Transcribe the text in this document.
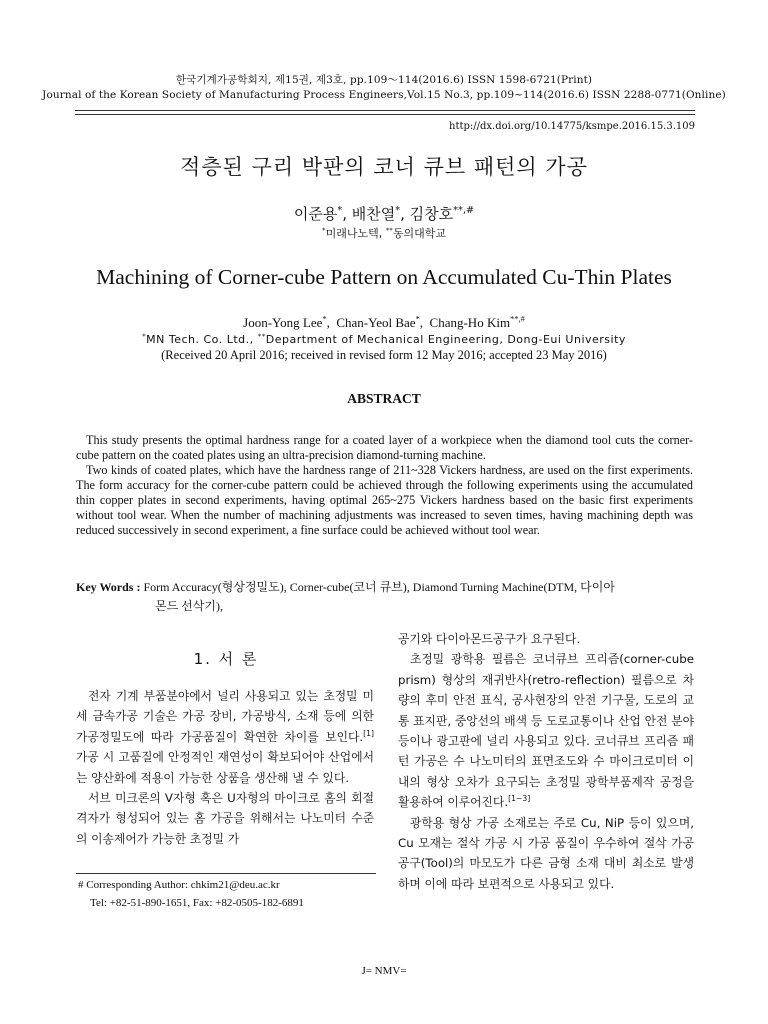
한국기계가공학회지, 제15권, 제3호, pp.109～114(2016.6) ISSN 1598-6721(Print)
Journal of the Korean Society of Manufacturing Process Engineers,Vol.15 No.3, pp.109~114(2016.6) ISSN 2288-0771(Online)
http://dx.doi.org/10.14775/ksmpe.2016.15.3.109
적층된 구리 박판의 코너 큐브 패턴의 가공
이준용*, 배찬열*, 김창호**,#
*미래나노텍, **동의대학교
Machining of Corner-cube Pattern on Accumulated Cu-Thin Plates
Joon-Yong Lee*,  Chan-Yeol Bae*,  Chang-Ho Kim**,#
*MN Tech. Co. Ltd., **Department of Mechanical Engineering, Dong-Eui University
(Received 20 April 2016; received in revised form 12 May 2016; accepted 23 May 2016)
ABSTRACT

This study presents the optimal hardness range for a coated layer of a workpiece when the diamond tool cuts the corner-cube pattern on the coated plates using an ultra-precision diamond-turning machine.

Two kinds of coated plates, which have the hardness range of 211~328 Vickers hardness, are used on the first experiments. The form accuracy for the corner-cube pattern could be achieved through the following experiments using the accumulated thin copper plates in second experiments, having optimal 265~275 Vickers hardness based on the basic first experiments without tool wear. When the number of machining adjustments was increased to seven times, having machining depth was reduced successively in second experiment, a fine surface could be achieved without tool wear.

Key Words : Form Accuracy(형상정밀도), Corner-cube(코너 큐브), Diamond Turning Machine(DTM, 다이아
몬드 선삭기),
1. 서 론

전자 기계 부품분야에서 널리 사용되고 있는 초정밀 미세 금속가공 기술은 가공 장비, 가공방식, 소재 등에 의한 가공정밀도에 따라 가공품질이 확연한 차이를 보인다.[1] 가공 시 고품질에 안정적인 재연성이 확보되어야 산업에서는 양산화에 적용이 가능한 상품을 생산해 낼 수 있다.

서브 미크론의 V자형 혹은 U자형의 마이크로 홈의 회절격자가 형성되어 있는 홈 가공을 위해서는 나노미터 수준의 이송제어가 가능한 초정밀 가

# Corresponding Author: chkim21@deu.ac.kr
Tel: +82-51-890-1651, Fax: +82-0505-182-6891

공기와 다이아몬드공구가 요구된다.

초정밀 광학용 필름은 코너큐브 프리즘(corner-cube prism) 형상의 재귀반사(retro-reflection) 필름으로 차량의 후미 안전 표식, 공사현장의 안전 기구물, 도로의 교통 표지판, 중앙선의 배색 등 도로교통이나 산업 안전 분야 등이나 광고판에 널리 사용되고 있다. 코너큐브 프리즘 패턴 가공은 수 나노미터의 표면조도와 수 마이크로미터 이내의 형상 오차가 요구되는 초정밀 광학부품제작 공정을 활용하여 이루어진다.[1~3]

광학용 형상 가공 소재로는 주로 Cu, NiP 등이 있으며, Cu 모재는 절삭 가공 시 가공 품질이 우수하여 절삭 가공 공구(Tool)의 마모도가 다른 금형 소재 대비 최소로 발생하며 이에 따라 보편적으로 사용되고 있다.

J= NMV=
